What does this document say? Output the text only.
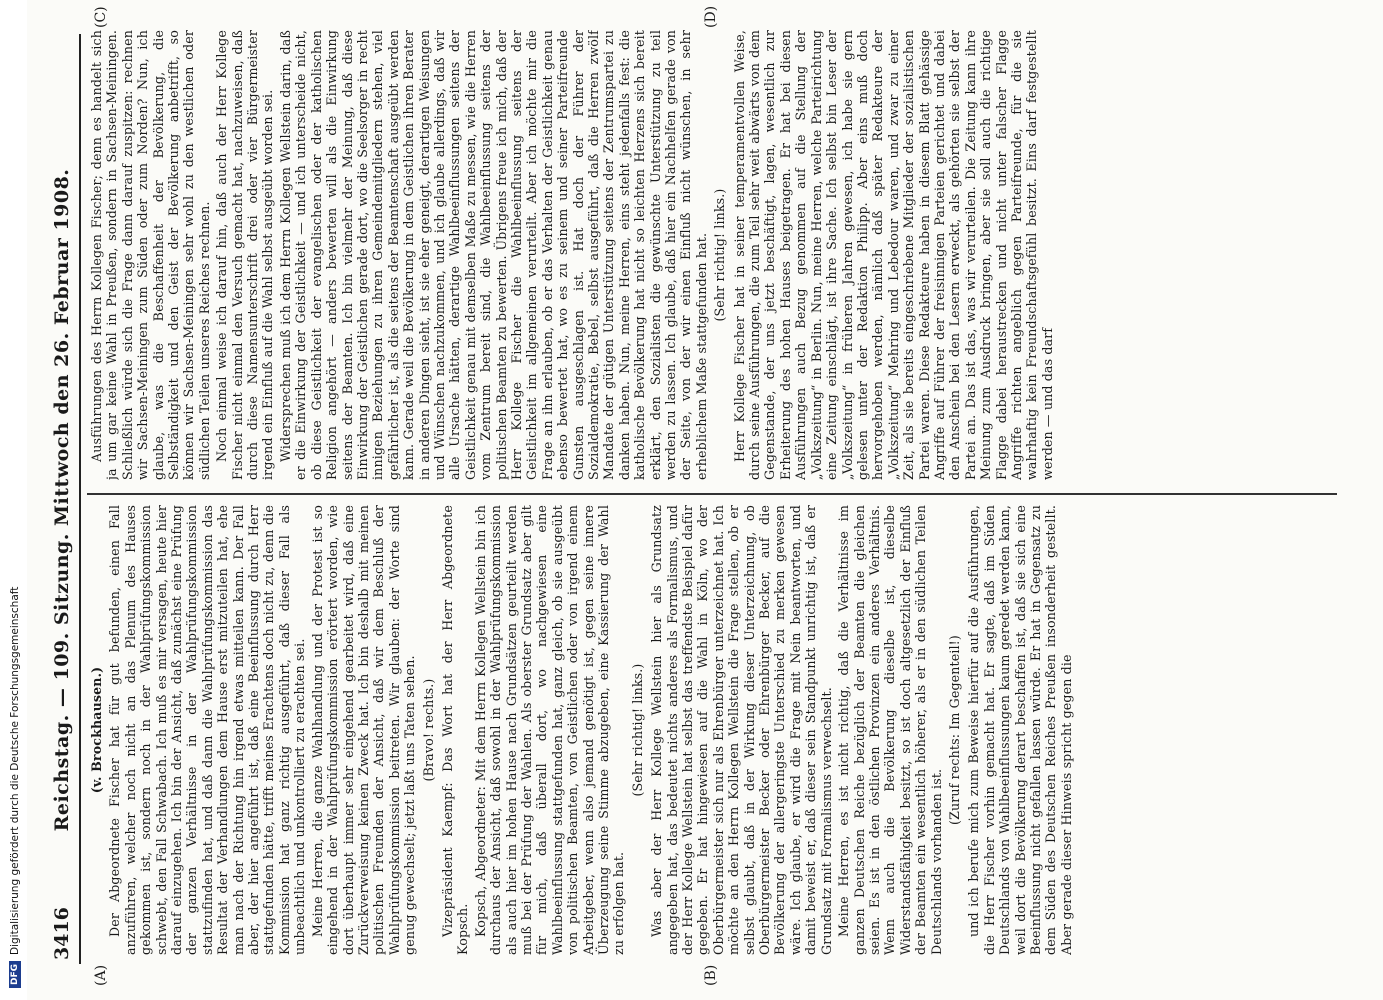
3416
Reichstag. — 109. Sitzung. Mittwoch den 26. Februar 1908.
(A)	(B)
(C)	(D)

(v. Brockhausen.) Der Abgeordnete Fischer hat für gut befunden, einen Fall anzuführen, welcher noch nicht an das Plenum des Hauses gekommen ist, sondern noch in der Wahlprüfungskommission schwebt, den Fall Schwabach. Ich muß es mir versagen, heute hier darauf einzugehen. Ich bin der Ansicht, daß zunächst eine Prüfung der ganzen Verhältnisse in der Wahlprüfungskommission stattzufinden hat, und daß dann die Wahlprüfungskommission das Resultat der Verhandlungen dem Hause erst mitzuteilen hat, ehe man nach der Richtung hin irgend etwas mitteilen kann. Der Fall aber, der hier angeführt ist, daß eine Beeinflussung durch Herr stattgefunden hätte, trifft meines Erachtens doch nicht zu, denn die Kommission hat ganz richtig ausgeführt, daß dieser Fall als unbeachtlich und unkontrolliert zu erachten sei. Meine Herren, die ganze Wahlhandlung und der Protest ist so eingehend in der Wahlprüfungskommission erörtert worden, wie dort überhaupt immer sehr eingehend gearbeitet wird, daß eine Zurückverweisung keinen Zweck hat. Ich bin deshalb mit meinen politischen Freunden der Ansicht, daß wir dem Beschluß der Wahlprüfungskommission beitreten. Wir glauben: der Worte sind genug gewechselt; jetzt laßt uns Taten sehen. (Bravo! rechts.) Vizepräsident Kaempf: Das Wort hat der Herr Abgeordnete Kopsch. Kopsch, Abgeordneter: Mit dem Herrn Kollegen Wellstein bin ich durchaus der Ansicht, daß sowohl in der Wahlprüfungskommission als auch hier im hohen Hause nach Grundsätzen geurteilt werden muß bei der Prüfung der Wahlen. Als oberster Grundsatz aber gilt für mich, daß überall dort, wo nachgewiesen eine Wahlbeeinflussung stattgefunden hat, ganz gleich, ob sie ausgeübt von politischen Beamten, von Geistlichen oder von irgend einem Arbeitgeber, wenn also jemand genötigt ist, gegen seine innere Überzeugung seine Stimme abzugeben, eine Kassierung der Wahl zu erfolgen hat.

(Sehr richtig! links.) Was aber der Herr Kollege Wellstein hier als Grundsatz angegeben hat, das bedeutet nichts anderes als Formalismus, und der Herr Kollege Wellstein hat selbst das treffendste Beispiel dafür gegeben. Er hat hingewiesen auf die Wahl in Köln, wo der Oberbürgermeister sich nur als Ehrenbürger unterzeichnet hat. Ich möchte an den Herrn Kollegen Wellstein die Frage stellen, ob er selbst glaubt, daß in der Wirkung dieser Unterzeichnung, ob Oberbürgermeister Becker oder Ehrenbürger Becker, auf die Bevölkerung der allergeringste Unterschied zu merken gewesen wäre. Ich glaube, er wird die Frage mit Nein beantworten, und damit beweist er, daß dieser sein Standpunkt unrichtig ist, daß er Grundsatz mit Formalismus verwechselt. Meine Herren, es ist nicht richtig, daß die Verhältnisse im ganzen Deutschen Reiche bezüglich der Beamten die gleichen seien. Es ist in den östlichen Provinzen ein anderes Verhältnis. Wenn auch die Bevölkerung dieselbe ist, dieselbe Widerstandsfähigkeit besitzt, so ist doch altgesetzlich der Einfluß der Beamten ein wesentlich höherer, als er in den südlichen Teilen Deutschlands vorhanden ist.

(Zuruf rechts: Im Gegenteil!) und ich berufe mich zum Beweise hierfür auf die Ausführungen, die Herr Fischer vorhin gemacht hat. Er sagte, daß im Süden Deutschlands von Wahlbeeinflussungen kaum geredet werden kann, weil dort die Bevölkerung derart beschaffen ist, daß sie sich eine Beeinflussung nicht gefallen lassen würde. Er hat in Gegensatz zu dem Süden des Deutschen Reiches Preußen insonderheit gestellt. Aber gerade dieser Hinweis spricht gegen die

Ausführungen des Herrn Kollegen Fischer; denn es handelt sich ja um gar keine Wahl in Preußen, sondern in Sachsen-Meiningen. Schließlich würde sich die Frage dann darauf zuspitzen: rechnen wir Sachsen-Meiningen zum Süden oder zum Norden? Nun, ich glaube, was die Beschaffenheit der Bevölkerung, die Selbständigkeit und den Geist der Bevölkerung anbetrifft, so können wir Sachsen-Meiningen sehr wohl zu den westlichen oder südlichen Teilen unseres Reiches rechnen. Noch einmal weise ich darauf hin, daß auch der Herr Kollege Fischer nicht einmal den Versuch gemacht hat, nachzuweisen, daß durch diese Namensunterschrift drei oder vier Bürgermeister irgend ein Einfluß auf die Wahl selbst ausgeübt worden sei. Widersprechen muß ich dem Herrn Kollegen Wellstein darin, daß er die Einwirkung der Geistlichkeit — und ich unterscheide nicht, ob diese Geistlichkeit der evangelischen oder der katholischen Religion angehört — anders bewerten will als die Einwirkung seitens der Beamten. Ich bin vielmehr der Meinung, daß diese Einwirkung der Geistlichen gerade dort, wo die Seelsorger in recht innigen Beziehungen zu ihren Gemeindemitgliedern stehen, viel gefährlicher ist, als die seitens der Beamtenschaft ausgeübt werden kann. Gerade weil die Bevölkerung in dem Geistlichen ihren Berater in anderen Dingen sieht, ist sie eher geneigt, derartigen Weisungen und Wünschen nachzukommen, und ich glaube allerdings, daß wir alle Ursache hätten, derartige Wahlbeeinflussungen seitens der Geistlichkeit genau mit demselben Maße zu messen, wie die Herren vom Zentrum bereit sind, die Wahlbeeinflussung seitens der politischen Beamten zu bewerten. Übrigens freue ich mich, daß der Herr Kollege Fischer die Wahlbeeinflussung seitens der Geistlichkeit im allgemeinen verurteilt. Aber ich möchte mir die Frage an ihn erlauben, ob er das Verhalten der Geistlichkeit genau ebenso bewertet hat, wo es zu seinem und seiner Parteifreunde Gunsten ausgeschlagen ist. Hat doch der Führer der Sozialdemokratie, Bebel, selbst ausgeführt, daß die Herren zwölf Mandate der gütigen Unterstützung seitens der Zentrumspartei zu danken haben. Nun, meine Herren, eins steht jedenfalls fest: die katholische Bevölkerung hat nicht so leichten Herzens sich bereit erklärt, den Sozialisten die gewünschte Unterstützung zu teil werden zu lassen. Ich glaube, daß hier ein Nachhelfen gerade von der Seite, von der wir einen Einfluß nicht wünschen, in sehr erheblichem Maße stattgefunden hat. (Sehr richtig! links.) Herr Kollege Fischer hat in seiner temperamentvollen Weise, durch seine Ausführungen, die zum Teil sehr weit abwärts von dem Gegenstande, der uns jetzt beschäftigt, lagen, wesentlich zur Erheiterung des hohen Hauses beigetragen. Er hat bei diesen Ausführungen auch Bezug genommen auf die Stellung der „Volkszeitung“ in Berlin. Nun, meine Herren, welche Parteirichtung eine Zeitung einschlägt, ist ihre Sache. Ich selbst bin Leser der „Volkszeitung“ in früheren Jahren gewesen, ich habe sie gern gelesen unter der Redaktion Philipp. Aber eins muß doch hervorgehoben werden, nämlich daß später Redakteure der „Volkszeitung“ Mehring und Lebedour waren, und zwar zu einer Zeit, als sie bereits eingeschriebene Mitglieder der sozialistischen Partei waren. Diese Redakteure haben in diesem Blatt gehässige Angriffe auf Führer der freisinnigen Parteien gerichtet und dabei den Anschein bei den Lesern erweckt, als gehörten sie selbst der Partei an. Das ist das, was wir verurteilen. Die Zeitung kann ihre Meinung zum Ausdruck bringen, aber sie soll auch die richtige Flagge dabei heraustrecken und nicht unter falscher Flagge Angriffe richten angeblich gegen Parteifreunde, für die sie wahrhaftig kein Freundschaftsgefühl besitzt. Eins darf festgestellt werden — und das darf

DFGDigitalisierung gefördert durch die Deutsche Forschungsgemeinschaft
